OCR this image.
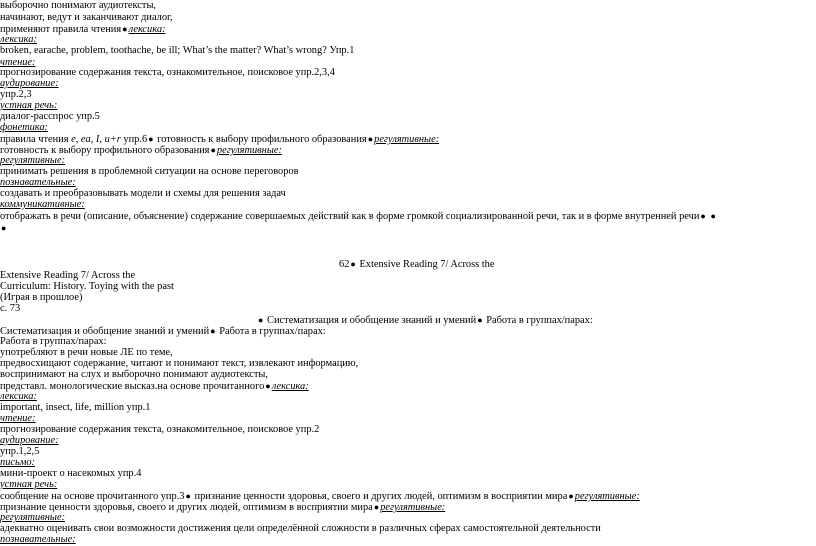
выборочно понимают аудиотексты,
начинают, ведут и заканчивают диалог,
применяют правила чтения●лексика:
лексика:
broken, earache, problem, toothache, be ill; What’s the matter? What’s wrong? Упр.1
чтение:
прогнозирование содержания текста, ознакомительное, поисковое упр.2,3,4
аудирование:
упр.2,3
устная речь:
диалог-расспрос упр.5
фонетика:
правила чтения e, ea, I, u+r упр.6● готовность к выбору профильного образования●регулятивные:
готовность к выбору профильного образования●регулятивные:
регулятивные:
принимать решения в проблемной ситуации на основе переговоров
познавательные:
создавать и преобразовывать модели и схемы для решения задач
коммуникативные:
отображать в речи (описание, объяснение) содержание совершаемых действий как в форме громкой социализированной речи, так и в форме внутренней речи● ●
●
62● Extensive Reading 7/ Across the
Extensive Reading 7/ Across the
Curriculum: History. Toying with the past
(Играя в прошлое)
с. 73
● Систематизация и обобщение знаний и умений● Работа в группах/парах:
Систематизация и обобщение знаний и умений● Работа в группах/парах:
Работа в группах/парах:
употребляют в речи новые ЛЕ по теме,
предвосхищают содержание, читают и понимают текст, извлекают информацию,
воспринимают на слух и выборочно понимают аудиотексты,
представл. монологические высказ.на основе прочитанного●лексика:
лексика:
important, insect, life, million упр.1
чтение:
прогнозирование содержания текста, ознакомительное, поисковое упр.2
аудирование:
упр.1,2,5
письмо:
мини-проект о насекомых упр.4
устная речь:
сообщение на основе прочитанного упр.3● признание ценности здоровья, своего и других людей, оптимизм в восприятии мира●регулятивные:
признание ценности здоровья, своего и других людей, оптимизм в восприятии мира●регулятивные:
регулятивные:
адекватно оценивать свои возможности достижения цели определённой сложности в различных сферах самостоятельной деятельности
познавательные:
